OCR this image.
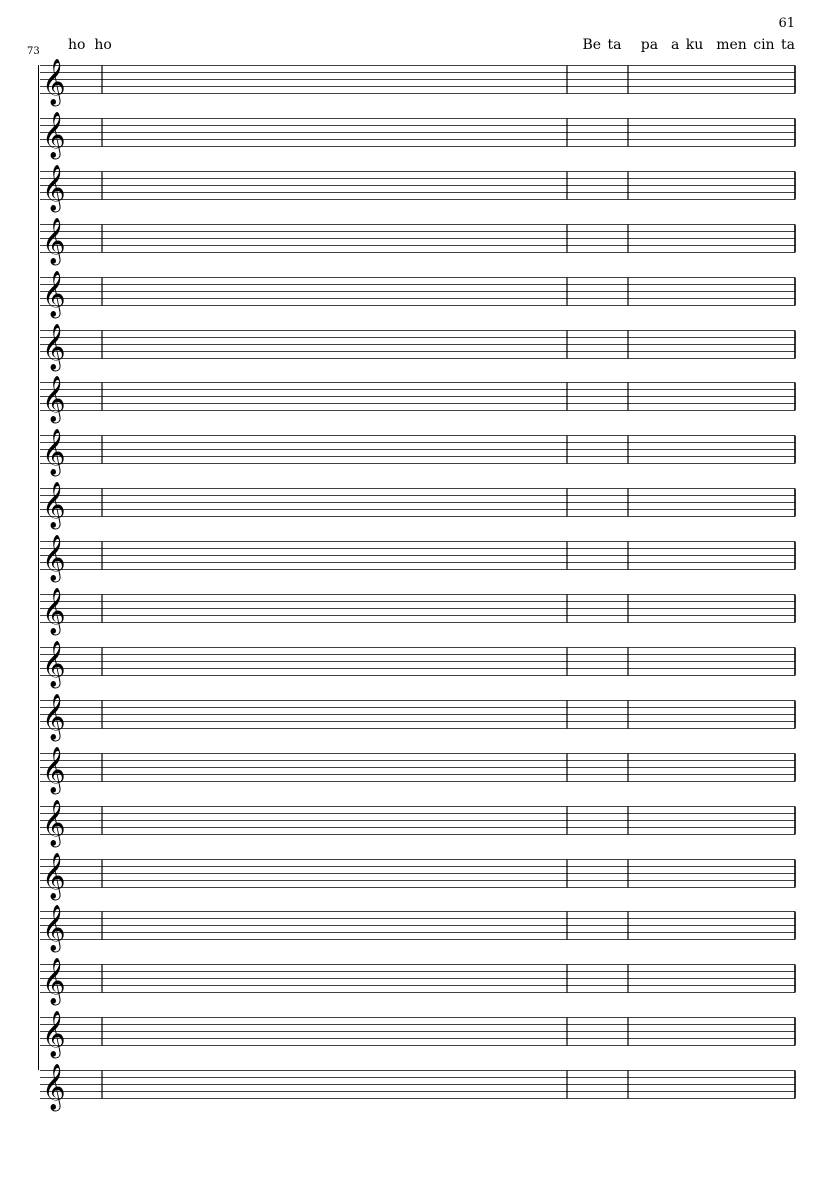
61
73 ho  ho	Be ta   pa  a ku  men cin ta
𝄞
𝄞
𝄞
𝄞
𝄞
𝄞
𝄞
𝄞
𝄞
𝄞
𝄞
𝄞
𝄞
𝄞
𝄞
𝄞
𝄞
𝄞
𝄞
𝄞
